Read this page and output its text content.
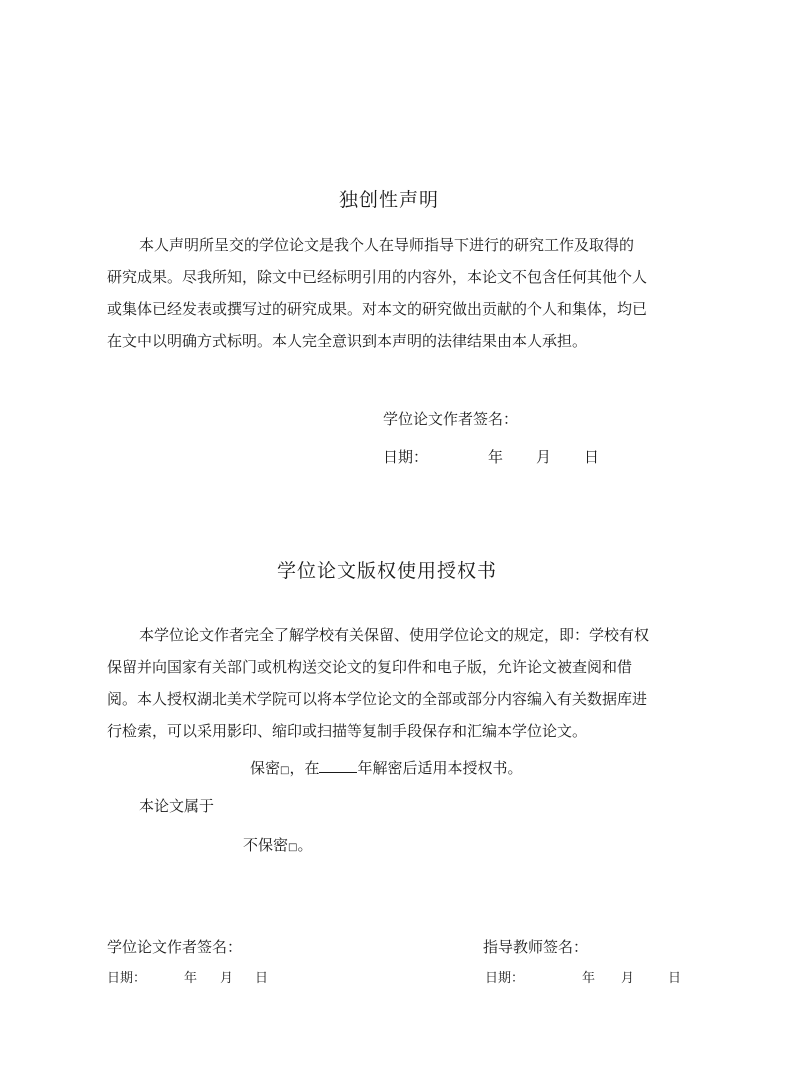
独创性声明
本人声明所呈交的学位论文是我个人在导师指导下进行的研究工作及取得的
研究成果。尽我所知，除文中已经标明引用的内容外，本论文不包含任何其他个人
或集体已经发表或撰写过的研究成果。对本文的研究做出贡献的个人和集体，均已
在文中以明确方式标明。本人完全意识到本声明的法律结果由本人承担。
学位论文作者签名：
日期：	年 月 日
学位论文版权使用授权书
本学位论文作者完全了解学校有关保留、使用学位论文的规定，即：学校有权
保留并向国家有关部门或机构送交论文的复印件和电子版，允许论文被查阅和借
阅。本人授权湖北美术学院可以将本学位论文的全部或部分内容编入有关数据库进
行检索，可以采用影印、缩印或扫描等复制手段保存和汇编本学位论文。
保密□，在	年解密后适用本授权书。
本论文属于
不保密□。
学位论文作者签名：	指导教师签名：
日期：	年 月 日	日期：	年 月	日
